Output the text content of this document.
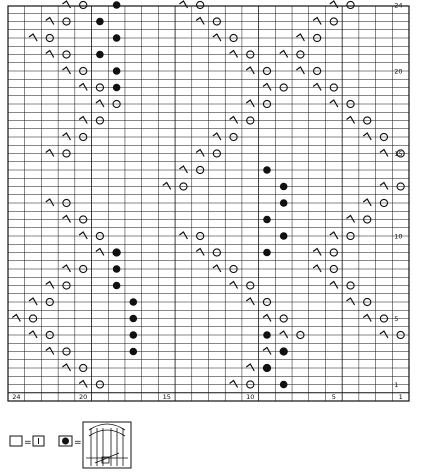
1
5
10
15
20
24
24	20	15	10	5	1
=	=
